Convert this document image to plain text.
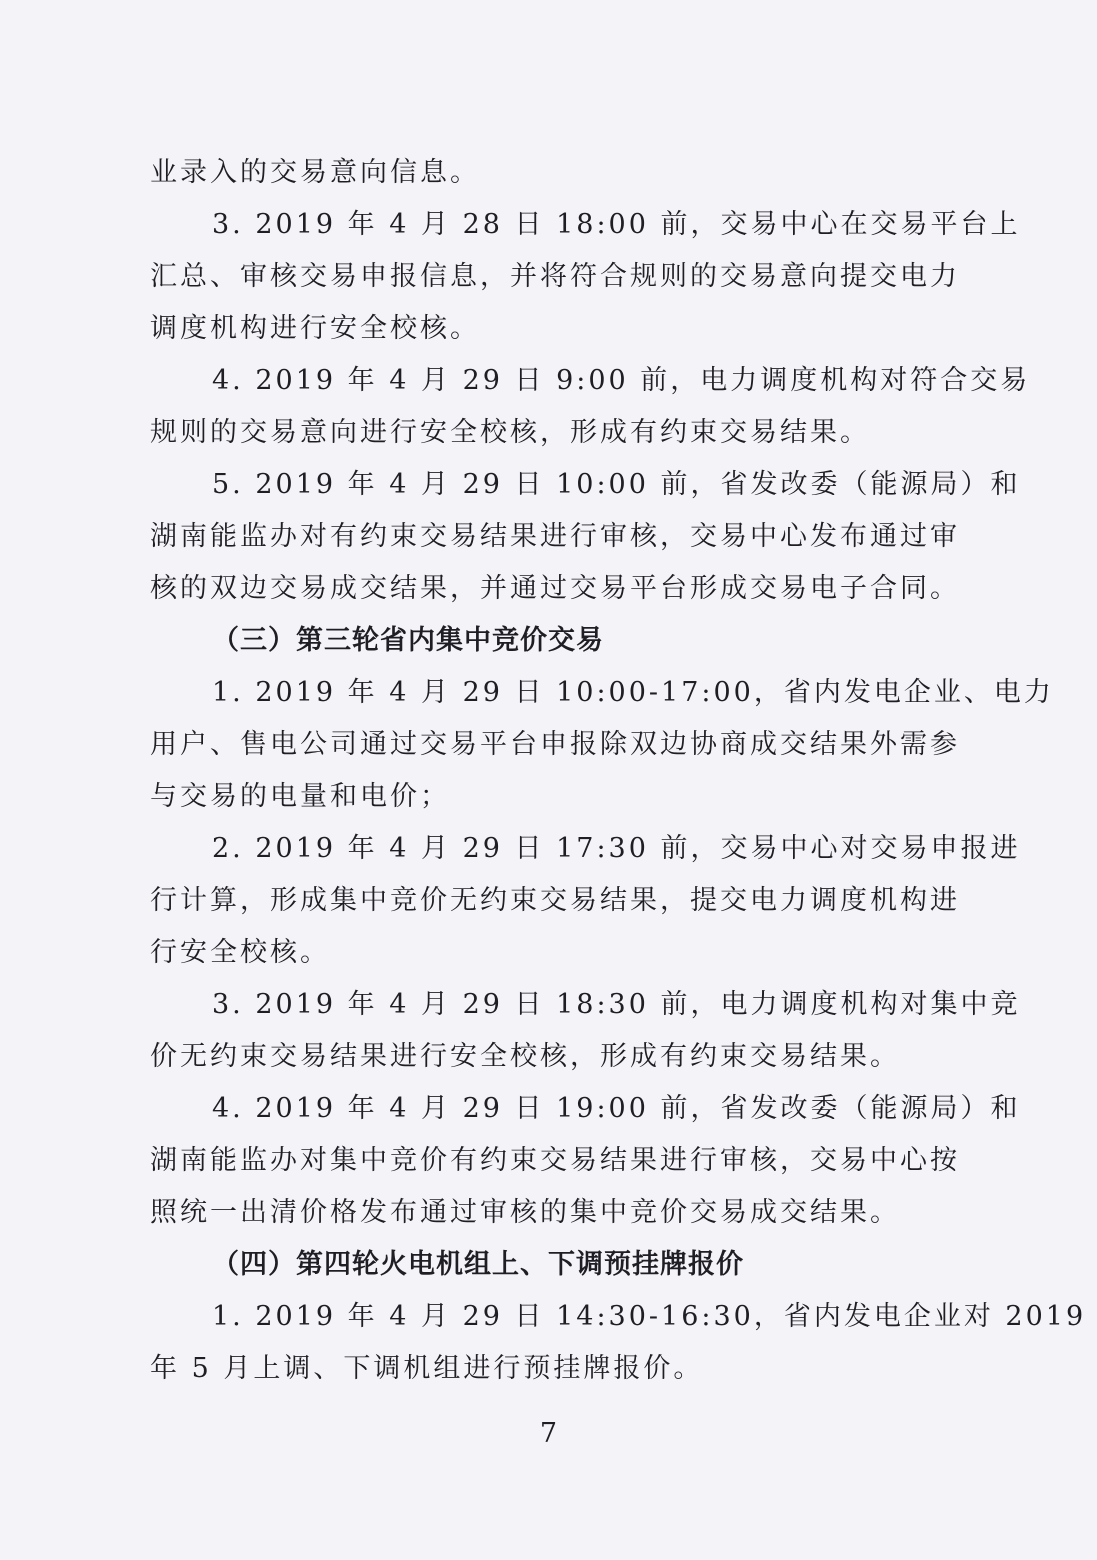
业录入的交易意向信息。
3. 2019 年 4 月 28 日 18:00 前，交易中心在交易平台上
汇总、审核交易申报信息，并将符合规则的交易意向提交电力
调度机构进行安全校核。
4. 2019 年 4 月 29 日 9:00 前，电力调度机构对符合交易
规则的交易意向进行安全校核，形成有约束交易结果。
5. 2019 年 4 月 29 日 10:00 前，省发改委（能源局）和
湖南能监办对有约束交易结果进行审核，交易中心发布通过审
核的双边交易成交结果，并通过交易平台形成交易电子合同。
（三）第三轮省内集中竞价交易
1. 2019 年 4 月 29 日 10:00-17:00，省内发电企业、电力
用户、售电公司通过交易平台申报除双边协商成交结果外需参
与交易的电量和电价；
2. 2019 年 4 月 29 日 17:30 前，交易中心对交易申报进
行计算，形成集中竞价无约束交易结果，提交电力调度机构进
行安全校核。
3. 2019 年 4 月 29 日 18:30 前，电力调度机构对集中竞
价无约束交易结果进行安全校核，形成有约束交易结果。
4. 2019 年 4 月 29 日 19:00 前，省发改委（能源局）和
湖南能监办对集中竞价有约束交易结果进行审核，交易中心按
照统一出清价格发布通过审核的集中竞价交易成交结果。
（四）第四轮火电机组上、下调预挂牌报价
1. 2019 年 4 月 29 日 14:30-16:30，省内发电企业对 2019
年 5 月上调、下调机组进行预挂牌报价。
7
